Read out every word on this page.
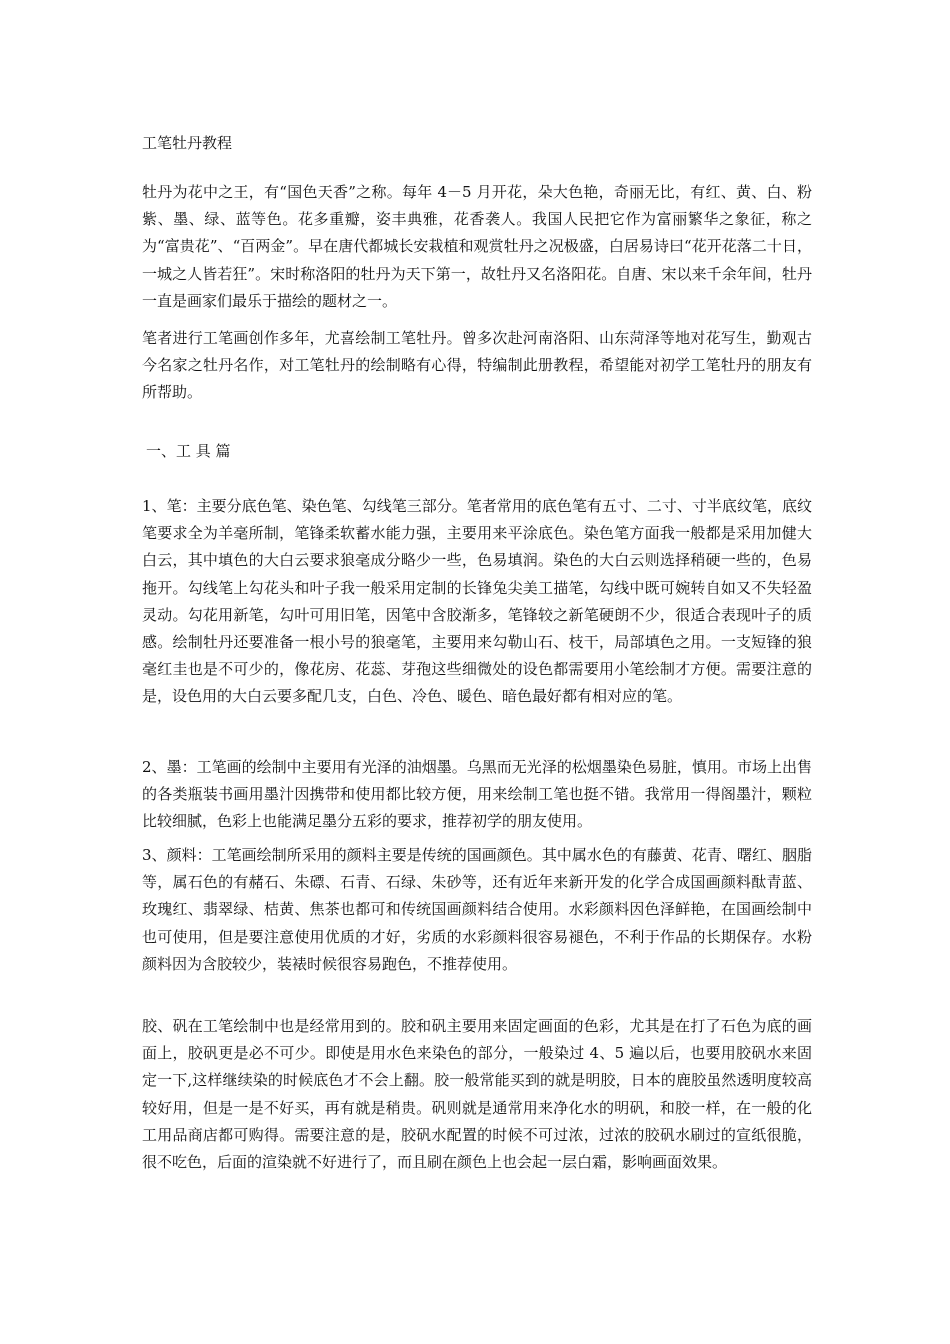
工笔牡丹教程
牡丹为花中之王，有“国色天香”之称。每年 4－5 月开花，朵大色艳，奇丽无比，有红、黄、白、粉紫、墨、绿、蓝等色。花多重瓣，姿丰典雅，花香袭人。我国人民把它作为富丽繁华之象征，称之为“富贵花”、“百两金”。早在唐代都城长安栽植和观赏牡丹之况极盛，白居易诗曰“花开花落二十日，一城之人皆若狂”。宋时称洛阳的牡丹为天下第一，故牡丹又名洛阳花。自唐、宋以来千余年间，牡丹一直是画家们最乐于描绘的题材之一。
笔者进行工笔画创作多年，尤喜绘制工笔牡丹。曾多次赴河南洛阳、山东菏泽等地对花写生，勤观古今名家之牡丹名作，对工笔牡丹的绘制略有心得，特编制此册教程，希望能对初学工笔牡丹的朋友有所帮助。
一、工 具 篇
1、笔：主要分底色笔、染色笔、勾线笔三部分。笔者常用的底色笔有五寸、二寸、寸半底纹笔，底纹笔要求全为羊毫所制，笔锋柔软蓄水能力强，主要用来平涂底色。染色笔方面我一般都是采用加健大白云，其中填色的大白云要求狼毫成分略少一些，色易填润。染色的大白云则选择稍硬一些的，色易拖开。勾线笔上勾花头和叶子我一般采用定制的长锋兔尖美工描笔，勾线中既可婉转自如又不失轻盈灵动。勾花用新笔，勾叶可用旧笔，因笔中含胶渐多，笔锋较之新笔硬朗不少，很适合表现叶子的质感。绘制牡丹还要准备一根小号的狼毫笔，主要用来勾勒山石、枝干，局部填色之用。一支短锋的狼毫红圭也是不可少的，像花房、花蕊、芽孢这些细微处的设色都需要用小笔绘制才方便。需要注意的是，设色用的大白云要多配几支，白色、冷色、暖色、暗色最好都有相对应的笔。
2、墨：工笔画的绘制中主要用有光泽的油烟墨。乌黑而无光泽的松烟墨染色易脏，慎用。市场上出售的各类瓶装书画用墨汁因携带和使用都比较方便，用来绘制工笔也挺不错。我常用一得阁墨汁，颗粒比较细腻，色彩上也能满足墨分五彩的要求，推荐初学的朋友使用。
3、颜料：工笔画绘制所采用的颜料主要是传统的国画颜色。其中属水色的有藤黄、花青、曙红、胭脂等，属石色的有赭石、朱磦、石青、石绿、朱砂等，还有近年来新开发的化学合成国画颜料酞青蓝、玫瑰红、翡翠绿、桔黄、焦茶也都可和传统国画颜料结合使用。水彩颜料因色泽鲜艳，在国画绘制中也可使用，但是要注意使用优质的才好，劣质的水彩颜料很容易褪色，不利于作品的长期保存。水粉颜料因为含胶较少，装裱时候很容易跑色，不推荐使用。
胶、矾在工笔绘制中也是经常用到的。胶和矾主要用来固定画面的色彩，尤其是在打了石色为底的画面上，胶矾更是必不可少。即使是用水色来染色的部分，一般染过 4、5 遍以后，也要用胶矾水来固定一下,这样继续染的时候底色才不会上翻。胶一般常能买到的就是明胶，日本的鹿胶虽然透明度较高较好用，但是一是不好买，再有就是稍贵。矾则就是通常用来净化水的明矾，和胶一样，在一般的化工用品商店都可购得。需要注意的是，胶矾水配置的时候不可过浓，过浓的胶矾水刷过的宣纸很脆，很不吃色，后面的渲染就不好进行了，而且刷在颜色上也会起一层白霜，影响画面效果。
